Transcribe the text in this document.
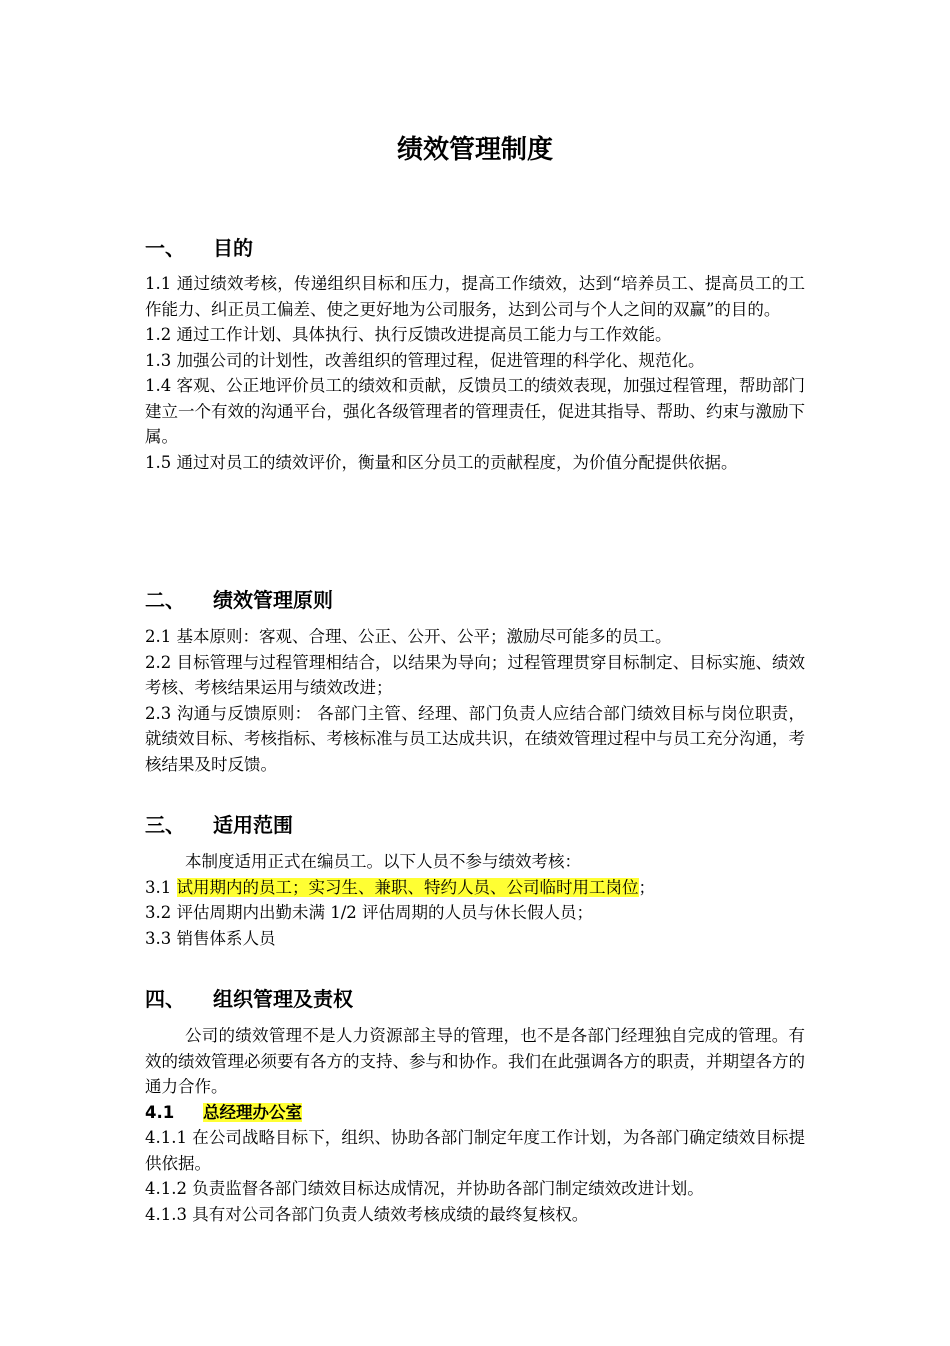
绩效管理制度
一、 目的

1.1 通过绩效考核，传递组织目标和压力，提高工作绩效，达到“培养员工、提高员工的工作能力、纠正员工偏差、使之更好地为公司服务，达到公司与个人之间的双赢”的目的。

1.2 通过工作计划、具体执行、执行反馈改进提高员工能力与工作效能。

1.3 加强公司的计划性，改善组织的管理过程，促进管理的科学化、规范化。

1.4 客观、公正地评价员工的绩效和贡献，反馈员工的绩效表现，加强过程管理，帮助部门建立一个有效的沟通平台，强化各级管理者的管理责任，促进其指导、帮助、约束与激励下属。

1.5 通过对员工的绩效评价，衡量和区分员工的贡献程度，为价值分配提供依据。

二、 绩效管理原则

2.1 基本原则：客观、合理、公正、公开、公平；激励尽可能多的员工。

2.2 目标管理与过程管理相结合，以结果为导向；过程管理贯穿目标制定、目标实施、绩效考核、考核结果运用与绩效改进；

2.3 沟通与反馈原则： 各部门主管、经理、部门负责人应结合部门绩效目标与岗位职责，就绩效目标、考核指标、考核标准与员工达成共识，在绩效管理过程中与员工充分沟通，考核结果及时反馈。

三、 适用范围

本制度适用正式在编员工。以下人员不参与绩效考核：

3.1 试用期内的员工；实习生、兼职、特约人员、公司临时用工岗位；

3.2 评估周期内出勤未满 1/2 评估周期的人员与休长假人员；

3.3 销售体系人员

四、 组织管理及责权

公司的绩效管理不是人力资源部主导的管理，也不是各部门经理独自完成的管理。有效的绩效管理必须要有各方的支持、参与和协作。我们在此强调各方的职责，并期望各方的通力合作。

4.1 总经理办公室

4.1.1 在公司战略目标下，组织、协助各部门制定年度工作计划，为各部门确定绩效目标提供依据。

4.1.2 负责监督各部门绩效目标达成情况，并协助各部门制定绩效改进计划。

4.1.3 具有对公司各部门负责人绩效考核成绩的最终复核权。
